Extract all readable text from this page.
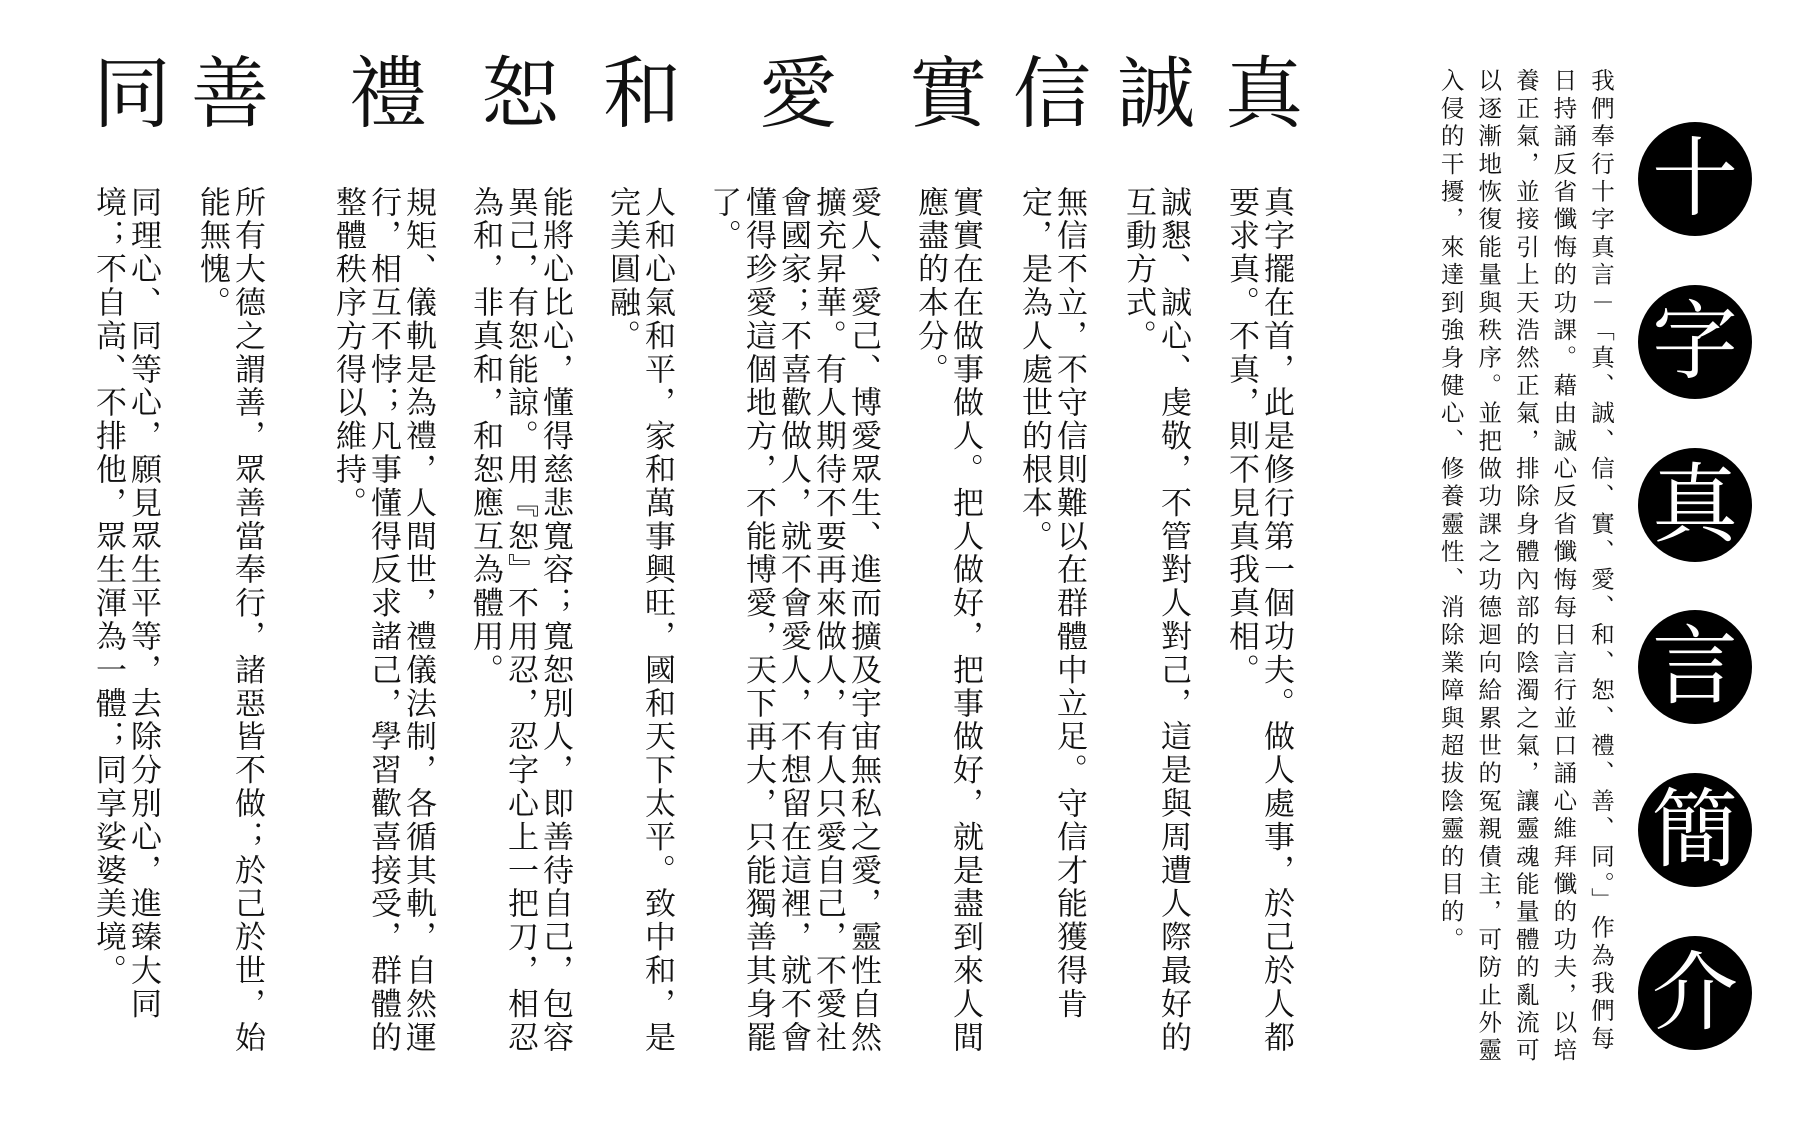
十
字
真
言
簡
介
我們奉行十字真言－「真、誠、信、實、愛、和、恕、禮、善、同。」作為我們每日持誦反省懺悔的功課。藉由誠心反省懺悔每日言行並口誦心維拜懺的功夫，以培養正氣，並接引上天浩然正氣，排除身體內部的陰濁之氣，讓靈魂能量體的亂流可以逐漸地恢復能量與秩序。並把做功課之功德迴向給累世的冤親債主，可防止外靈入侵的干擾，來達到強身健心、修養靈性、消除業障與超拔陰靈的目的。
真
誠
信
實
愛
和
恕
禮
善
同
真字擺在首，此是修行第一個功夫。做人處事，於己於人都要求真。不真，則不見真我真相。
誠懇、誠心、虔敬，不管對人對己，這是與周遭人際最好的互動方式。
無信不立，不守信則難以在群體中立足。守信才能獲得肯定，是為人處世的根本。
實實在在做事做人。把人做好，把事做好，就是盡到來人間應盡的本分。
愛人、愛己、博愛眾生、進而擴及宇宙無私之愛，靈性自然擴充昇華。有人期待不要再來做人，有人只愛自己，不愛社會國家；不喜歡做人，就不會愛人，不想留在這裡，就不會懂得珍愛這個地方，不能博愛，天下再大，只能獨善其身罷了。
人和心氣和平，家和萬事興旺，國和天下太平。致中和，是完美圓融。
能將心比心，懂得慈悲寬容；寬恕別人，即善待自己，包容異己，有恕能諒。用『恕』不用忍，忍字心上一把刀，相忍為和，非真和，和恕應互為體用。
規矩、儀軌是為禮，人間世，禮儀法制，各循其軌，自然運行，相互不悖；凡事懂得反求諸己，學習歡喜接受，群體的整體秩序方得以維持。
所有大德之謂善，眾善當奉行，諸惡皆不做；於己於世，始能無愧。
同理心、同等心，願見眾生平等，去除分別心，進臻大同境；不自高、不排他，眾生渾為一體；同享娑婆美境。
